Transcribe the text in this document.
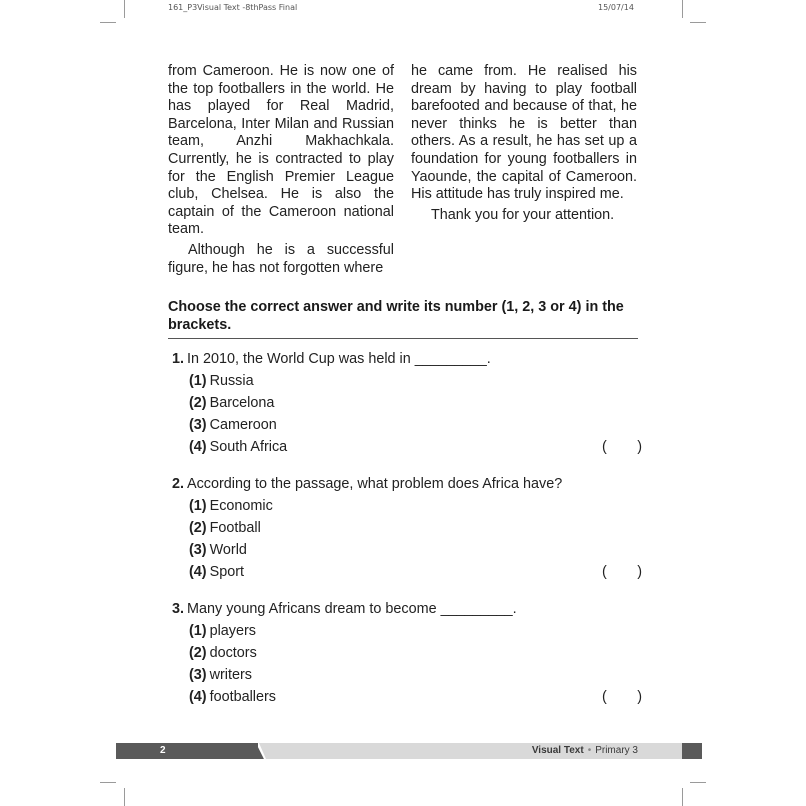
161_P3Visual Text -8thPass Final	15/07/14

from Cameroon. He is now one of the top footballers in the world. He has played for Real Madrid, Barcelona, Inter Milan and Russian team, Anzhi Makhachkala. Currently, he is contracted to play for the English Premier League club, Chelsea. He is also the captain of the Cameroon national team.

Although he is a successful figure, he has not forgotten where

he came from. He realised his dream by having to play football barefooted and because of that, he never thinks he is better than others. As a result, he has set up a foundation for young footballers in Yaounde, the capital of Cameroon. His attitude has truly inspired me.

Thank you for your attention.

Choose the correct answer and write its number (1, 2, 3 or 4) in the brackets.
1. In 2010, the World Cup was held in _________.
(1) Russia
(2) Barcelona
(3) Cameroon
(4) South Africa	( )
2. According to the passage, what problem does Africa have?
(1) Economic
(2) Football
(3) World
(4) Sport	( )
3. Many young Africans dream to become _________.
(1) players
(2) doctors
(3) writers
(4) footballers	( )
2	Visual Text • Primary 3
